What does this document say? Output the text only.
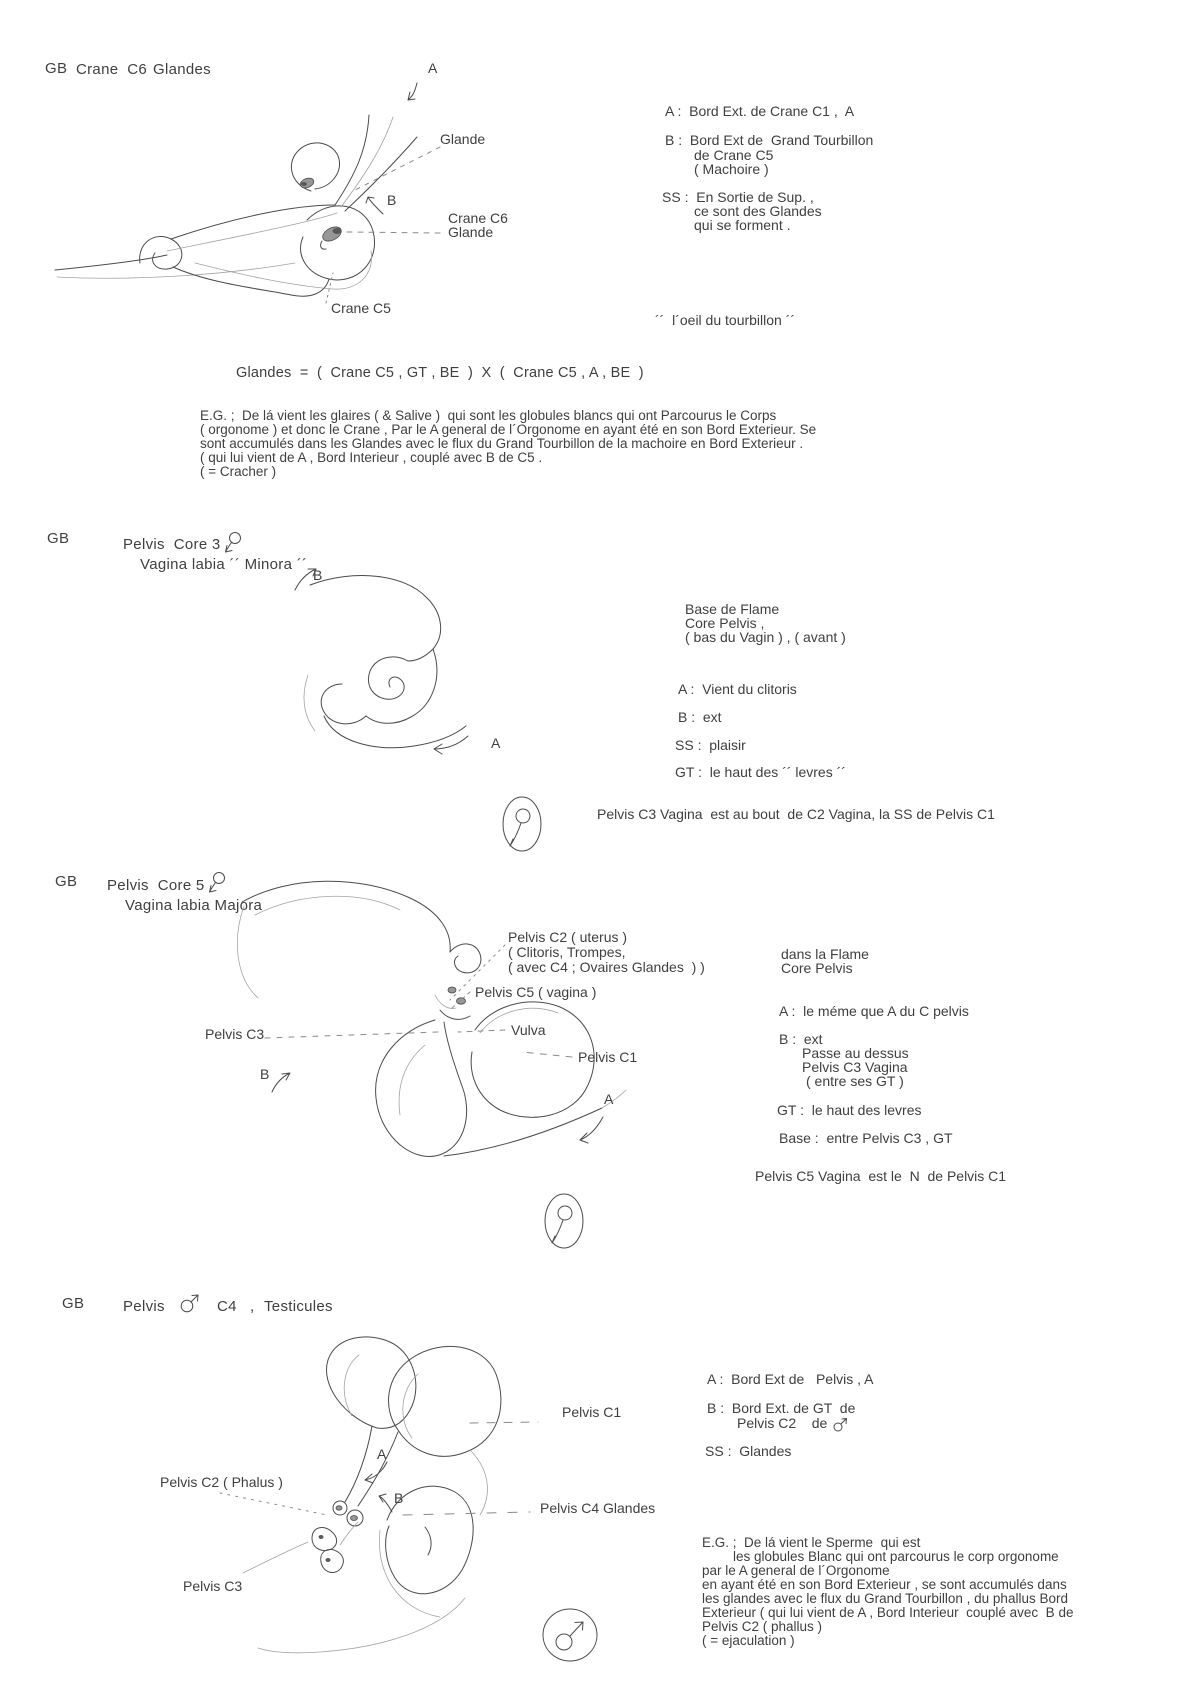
GB Crane  C6 Glandes	A
Glande
B
Crane C6
Glande
Crane C5
A :  Bord Ext. de Crane C1 ,  A
B :  Bord Ext de  Grand Tourbillon
de Crane C5
( Machoire )
SS :  En Sortie de Sup. ,
ce sont des Glandes
qui se forment .
´´  l´oeil du tourbillon ´´
Glandes  =  (  Crane C5 , GT , BE  )  X  (  Crane C5 , A , BE  )
E.G. ;  De lá vient les glaires ( & Salive )  qui sont les globules blancs qui ont Parcourus le Corps
( orgonome ) et donc le Crane , Par le A general de l´Orgonome en ayant été en son Bord Exterieur. Se
sont accumulés dans les Glandes avec le flux du Grand Tourbillon de la machoire en Bord Exterieur .
( qui lui vient de A , Bord Interieur , couplé avec B de C5 .
( = Cracher )
GB	Pelvis  Core 3
Vagina labia ´´ Minora ´´
B
A
Base de Flame
Core Pelvis ,
( bas du Vagin ) , ( avant )
A :  Vient du clitoris
B :  ext
SS :  plaisir
GT :  le haut des ´´ levres ´´
Pelvis C3 Vagina  est au bout  de C2 Vagina, la SS de Pelvis C1
GB Pelvis  Core 5
Vagina labia Majora
Pelvis C2 ( uterus )
( Clitoris, Trompes,
( avec C4 ; Ovaires Glandes  ) )
Pelvis C5 ( vagina )
Vulva
Pelvis C3
Pelvis C1
B
A
dans la Flame
Core Pelvis
A :  le méme que A du C pelvis
B :  ext
Passe au dessus
Pelvis C3 Vagina
( entre ses GT )
GT :  le haut des levres
Base :  entre Pelvis C3 , GT
Pelvis C5 Vagina  est le  N  de Pelvis C1
GB	Pelvis	C4 , Testicules
Pelvis C1
A
Pelvis C2 ( Phalus )
B
Pelvis C4 Glandes
Pelvis C3
A :  Bord Ext de   Pelvis , A
B :  Bord Ext. de GT  de
Pelvis C2    de
SS :  Glandes
E.G. ;  De lá vient le Sperme  qui est
les globules Blanc qui ont parcourus le corp orgonome
par le A general de l´Orgonome
en ayant été en son Bord Exterieur , se sont accumulés dans
les glandes avec le flux du Grand Tourbillon , du phallus Bord
Exterieur ( qui lui vient de A , Bord Interieur  couplé avec  B de
Pelvis C2 ( phallus )
( = ejaculation )
